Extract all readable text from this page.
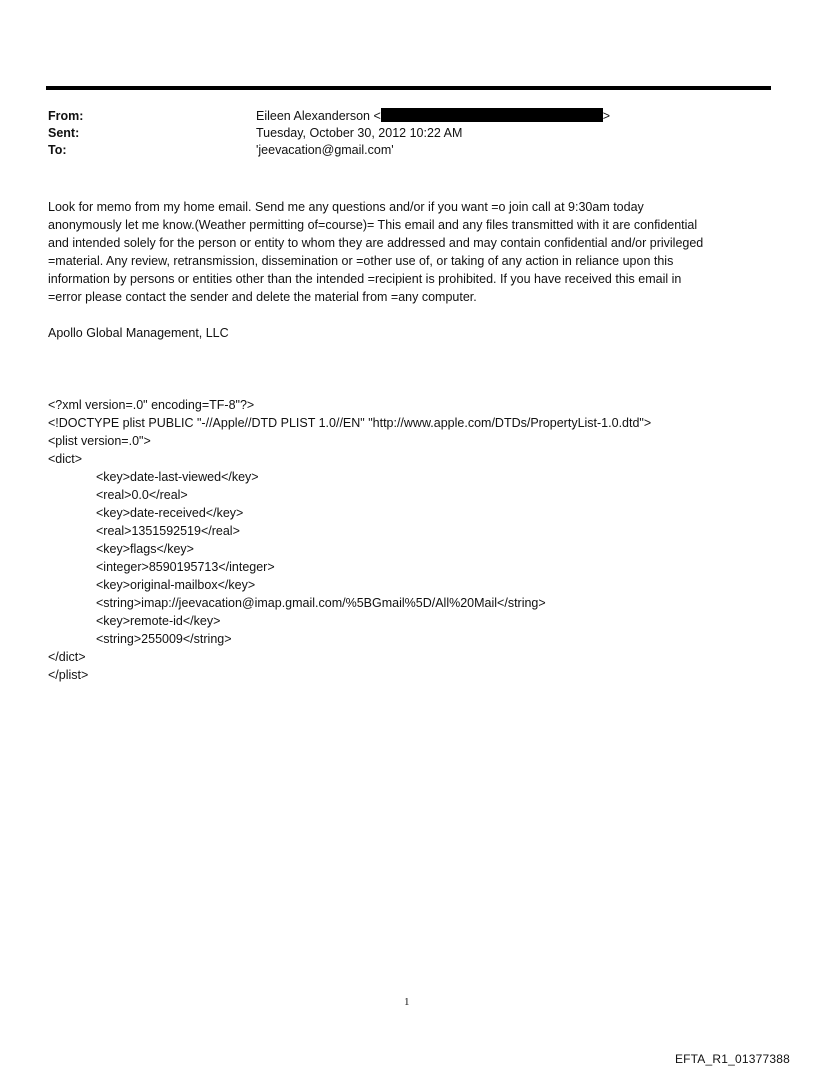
From:	Eileen Alexanderson <	>
Sent:	Tuesday, October 30, 2012 10:22 AM
To:	'jeevacation@gmail.com'

Look for memo from my home email. Send me any questions and/or if you want =o join call at 9:30am today

anonymously let me know.(Weather permitting of=course)= This email and any files transmitted with it are confidential

and intended solely for the person or entity to whom they are addressed and may contain confidential and/or privileged

=material. Any review, retransmission, dissemination or =other use of, or taking of any action in reliance upon this

information by persons or entities other than the intended =recipient is prohibited. If you have received this email in

=error please contact the sender and delete the material from =any computer.

Apollo Global Management, LLC
<?xml version=.0" encoding=TF-8"?>
<!DOCTYPE plist PUBLIC "-//Apple//DTD PLIST 1.0//EN" "http://www.apple.com/DTDs/PropertyList-1.0.dtd">
<plist version=.0">
<dict>
<key>date-last-viewed</key>
<real>0.0</real>
<key>date-received</key>
<real>1351592519</real>
<key>flags</key>
<integer>8590195713</integer>
<key>original-mailbox</key>
<string>imap://jeevacation@imap.gmail.com/%5BGmail%5D/All%20Mail</string>
<key>remote-id</key>
<string>255009</string>
</dict>
</plist>
1
EFTA_R1_01377388
